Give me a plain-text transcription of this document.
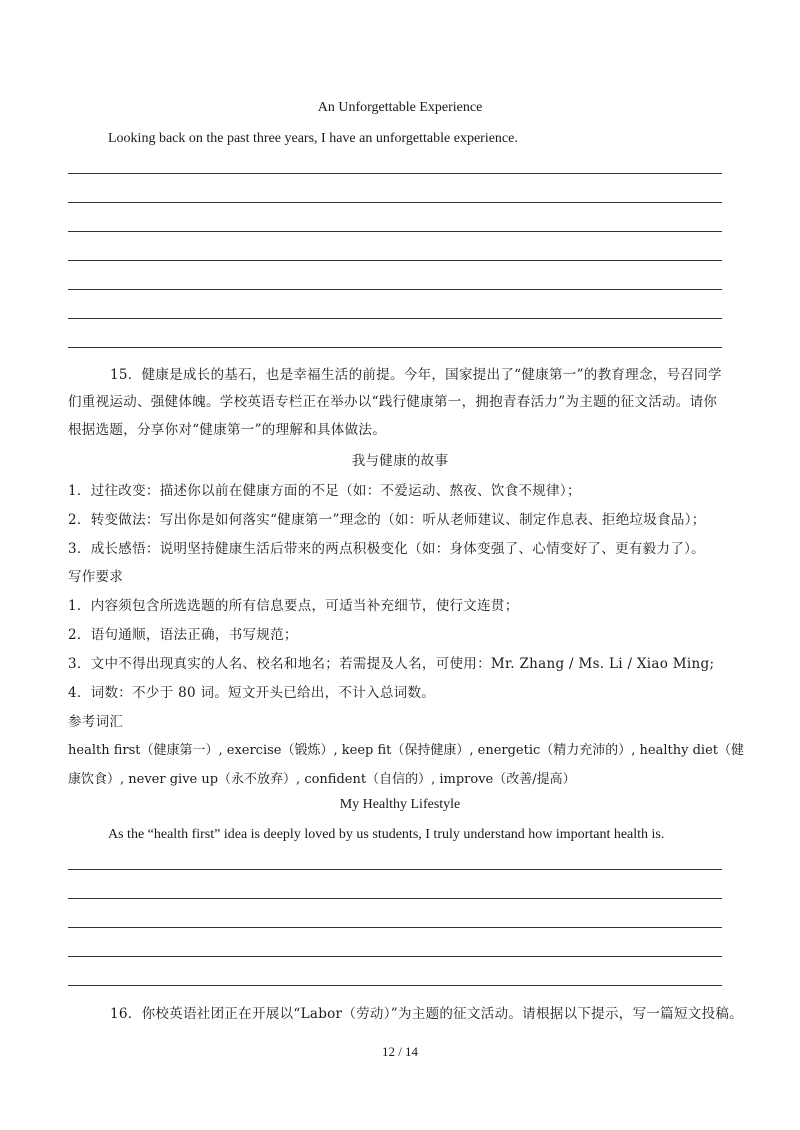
An Unforgettable Experience
Looking back on the past three years, I have an unforgettable experience.
15．健康是成长的基石，也是幸福生活的前提。今年，国家提出了“健康第一”的教育理念，号召同学
们重视运动、强健体魄。学校英语专栏正在举办以“践行健康第一，拥抱青春活力”为主题的征文活动。请你
根据选题，分享你对“健康第一”的理解和具体做法。
我与健康的故事
1．过往改变：描述你以前在健康方面的不足（如：不爱运动、熬夜、饮食不规律）；
2．转变做法：写出你是如何落实“健康第一”理念的（如：听从老师建议、制定作息表、拒绝垃圾食品）；
3．成长感悟：说明坚持健康生活后带来的两点积极变化（如：身体变强了、心情变好了、更有毅力了）。
写作要求
1．内容须包含所选选题的所有信息要点，可适当补充细节，使行文连贯；
2．语句通顺，语法正确，书写规范；
3．文中不得出现真实的人名、校名和地名；若需提及人名，可使用：Mr. Zhang / Ms. Li / Xiao Ming;
4．词数：不少于 80 词。短文开头已给出，不计入总词数。
参考词汇
health first（健康第一）, exercise（锻炼）, keep fit（保持健康）, energetic（精力充沛的）, healthy diet（健
康饮食）, never give up（永不放弃）, confident（自信的）, improve（改善/提高）
My Healthy Lifestyle
As the “health first” idea is deeply loved by us students, I truly understand how important health is.
16．你校英语社团正在开展以“Labor（劳动）”为主题的征文活动。请根据以下提示，写一篇短文投稿。
12 / 14
